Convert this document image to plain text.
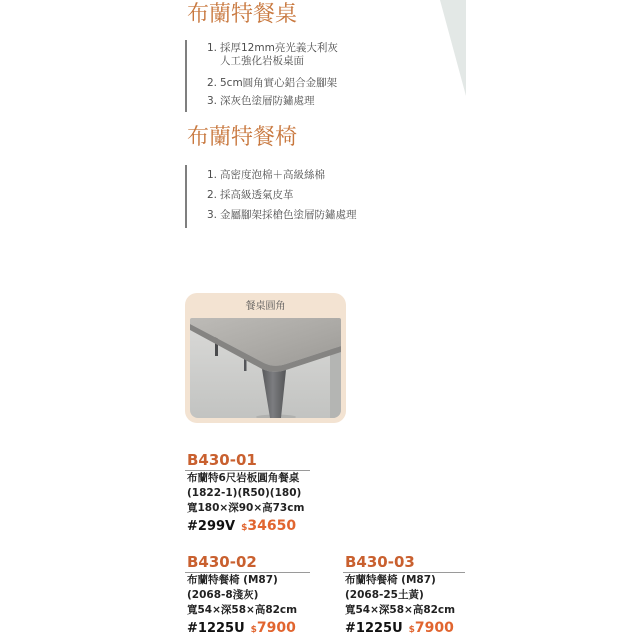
布蘭特餐桌
1. 採厚12mm亮光義大利灰
人工強化岩板桌面
2. 5cm圓角實心鋁合金腳架
3. 深灰色塗層防鏽處理
布蘭特餐椅
1. 高密度泡棉＋高級絲棉
2. 採高級透氣皮革
3. 金屬腳架採槍色塗層防鏽處理
餐桌圓角
B430-01
布蘭特6尺岩板圓角餐桌
(1822-1)(R50)(180)
寬180×深90×高73cm
#299V $34650
B430-02
布蘭特餐椅 (M87)
(2068-8淺灰)
寬54×深58×高82cm
#1225U $7900
B430-03
布蘭特餐椅 (M87)
(2068-25土黃)
寬54×深58×高82cm
#1225U $7900
